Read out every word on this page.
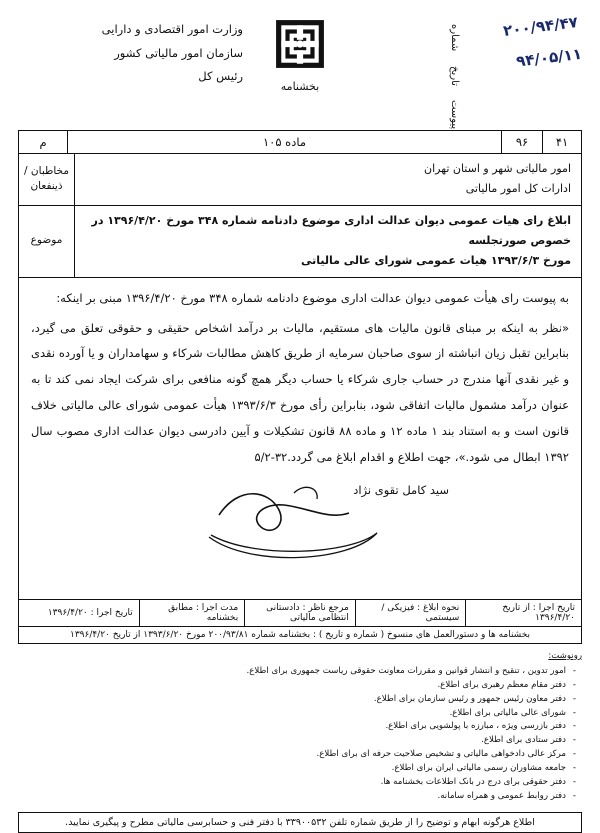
وزارت امور اقتصادی و دارایی
سازمان امور مالیاتی کشور
رئیس کل
بخشنامه
شماره
تاریخ
پیوست
۲۰۰/۹۴/۴۷
۹۴/۰۵/۱۱
۴۱
۹۶
ماده ۱۰۵
م
امور مالیاتی شهر و استان تهران
ادارات کل امور مالیاتی
مخاطبان / ذینفعان
ابلاغ رای هیات عمومی دیوان عدالت اداری موضوع دادنامه شماره ۳۴۸ مورخ ۱۳۹۶/۴/۲۰ در خصوص صورتجلسه
مورخ ۱۳۹۳/۶/۳ هیات عمومی شورای عالی مالیاتی
موضوع
به پیوست رای هیأت عمومی دیوان عدالت اداری موضوع دادنامه شماره ۳۴۸ مورخ ۱۳۹۶/۴/۲۰ مبنی بر اینکه:
«نظر به اینکه بر مبنای قانون مالیات های مستقیم، مالیات بر درآمد اشخاص حقیقی و حقوقی تعلق می گیرد، بنابراین تقبل زیان انباشته از سوی صاحبان سرمایه از طریق کاهش مطالبات شرکاء و سهامداران و یا آورده نقدی و غیر نقدی آنها مندرج در حساب جاری شرکاء یا حساب دیگر همچ گونه منافعی برای شرکت ایجاد نمی کند تا به عنوان درآمد مشمول مالیات اتفاقی شود، بنابراین رأی مورخ ۱۳۹۳/۶/۳ هیأت عمومی شورای عالی مالیاتی خلاف قانون است و به استناد بند ۱ ماده ۱۲ و ماده ۸۸ قانون تشکیلات و آیین دادرسی دیوان عدالت اداری مصوب سال ۱۳۹۲ ابطال می شود.»، جهت اطلاع و اقدام ابلاغ می گردد.۳۲-۵/۲
سید کامل تقوی نژاد
تاریخ اجرا : از تاریخ ۱۳۹۶/۴/۲۰
نحوه ابلاغ : فیزیکی / سیستمی
مرجع ناظر : دادستانی انتظامی مالیاتی
مدت اجرا : مطابق بخشنامه
تاریخ اجرا : ۱۳۹۶/۴/۲۰
بخشنامه ها و دستورالعمل های منسوخ ( شماره و تاریخ ) : بخشنامه شماره ۲۰۰/۹۳/۸۱ مورخ ۱۳۹۳/۶/۲۰ از تاریخ ۱۳۹۶/۴/۲۰
رونوشت:
- امور تدوین ، تنقیح و انتشار قوانین و مقررات معاونت حقوقی ریاست جمهوری برای اطلاع.
- دفتر مقام معظم رهبری برای اطلاع.
- دفتر معاون رئیس جمهور و رئیس سازمان برای اطلاع.
- شورای عالی مالیاتی برای اطلاع.
- دفتر بازرسی ویژه ، مبارزه با پولشویی برای اطلاع.
- دفتر ستادی برای اطلاع.
- مرکز عالی دادخواهی مالیاتی و تشخیص صلاحیت حرفه ای برای اطلاع.
- جامعه مشاوران رسمی مالیاتی ایران برای اطلاع.
- دفتر حقوقی برای درج در بانک اطلاعات بخشنامه ها.
- دفتر روابط عمومی و همراه سامانه.
اطلاع هرگونه ابهام و توضیح را از طریق شماره تلفن ۳۳۹۰۰۵۳۲ با دفتر فنی و حسابرسی مالیاتی مطرح و پیگیری نمایید.
